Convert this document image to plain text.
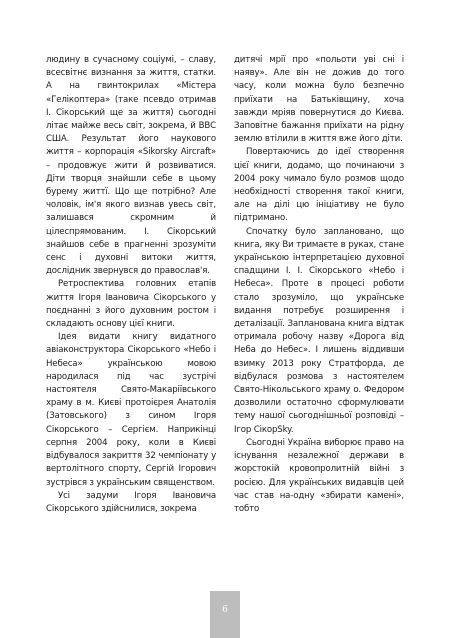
людину в сучасному соціумі, – славу, всесвітнє визнання за життя, статки. А на гвинтокрилах «Містера «Гелікоптера» (таке псевдо отримав І. Сікорський ще за життя) сьогодні літає майже весь світ, зокрема, й ВВС США. Результат його наукового життя – корпорація «Sikorsky Aircraft» – продовжує жити й розвиватися. Діти творця знайшли себе в цьому бурему життї. Що ще потрібно? Але чоловік, ім'я якого визнав увесь світ, залишався скромним й цілеспрямованим. І. Сікорський знайшов себе в прагненні зрозуміти сенс і духовні витоки життя, дослідник звернувся до православ'я.

Ретроспектива головних етапів життя Ігоря Івановича Сікорського у поєднанні з його духовним ростом і складають основу цієї книги.

Ідея видати книгу видатного авіаконструктора Сікорського «Небо і Небеса» українською мовою народилася під час зустрічі настоятеля Свято-Макаріївського храму в м. Києві протоієрея Анатолія (Затовського) з сином Ігоря Сікорського – Сергієм. Наприкінці серпня 2004 року, коли в Києві відбувалося закриття 32 чемпіонату у вертолітного спорту, Сергій Ігорович зустрівся з українським священством.

Усі задуми Ігоря Івановича Сікорського здійснилися, зокрема

дитячі мрії про «польоти уві сні і наяву». Але він не дожив до того часу, коли можна було безпечно приїхати на Батьківщину, хоча завжди мріяв повернутися до Києва. Заповітне бажання приїхати на рідну землю втілили в життя вже його діти.

Повертаючись до ідеї створення цієї книги, додамо, що починаючи з 2004 року чимало було розмов щодо необхідності створення такої книги, але на ділі цю ініціативу не було підтримано.

Спочатку було заплановано, що книга, яку Ви тримаєте в руках, стане українською інтерпретацією духовної спадщини І. І. Сікорського «Небо і Небеса». Проте в процесі роботи стало зрозуміло, що українське видання потребує розширення і деталізації. Запланована книга відтак отримала робочу назву «Дорога від Неба до Небес». І лишень віддивши взимку 2013 року Стратфорда, де відбулася розмова з настоятелем Свято-Нікольського храму о. Федором дозволили остаточно сформулювати тему нашої сьогоднішньої розповіді – Ігор СікорSky.

Сьогодні Україна виборює право на існування незалежної держави в жорстокій кровопролитній війні з росією. Для українських видавців цей час став на-одну «збирати камені», тобто

6
